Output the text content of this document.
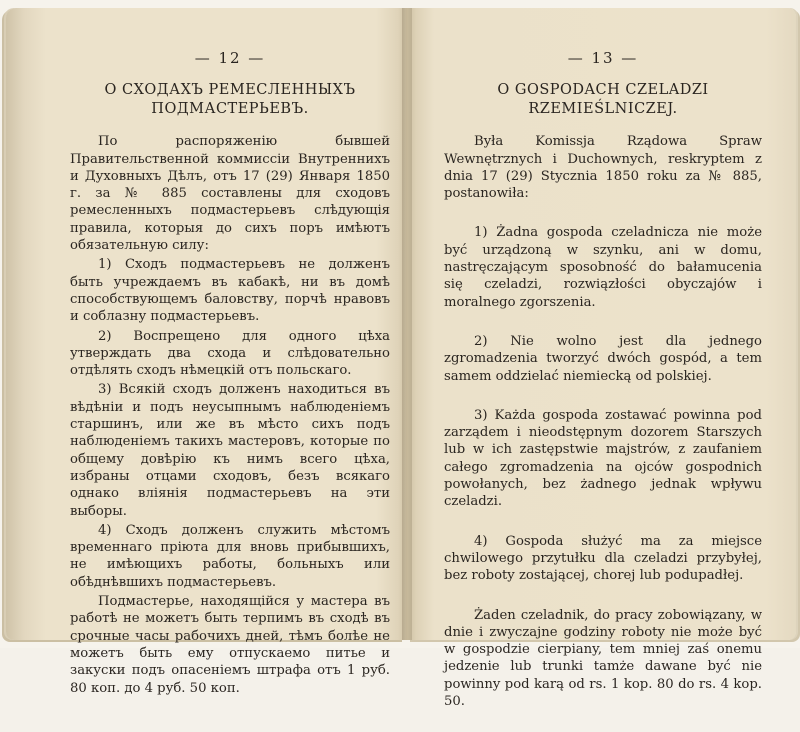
— 12 —
О СХОДАХЪ РЕМЕСЛЕННЫХЪ
ПОДМАСТЕРЬЕВЪ.

По распоряженію бывшей Правительственной коммиссіи Внутреннихъ и Духовныхъ Дѣлъ, отъ 17 (29) Января 1850 г. за № 885 составлены для сходовъ ремесленныхъ подмастерьевъ слѣдующія правила, которыя до сихъ поръ имѣютъ обязательную силу:

1) Сходъ подмастерьевъ не долженъ быть учреждаемъ въ кабакѣ, ни въ домѣ способствующемъ баловству, порчѣ нравовъ и соблазну подмастерьевъ.

2) Воспрещено для одного цѣха утверждать два схода и слѣдовательно отдѣлять сходъ нѣмецкій отъ польскаго.

3) Всякій сходъ долженъ находиться въ вѣдѣніи и подъ неусыпнымъ наблюденіемъ старшинъ, или же въ мѣсто сихъ подъ наблюденіемъ такихъ мастеровъ, которые по общему довѣрію къ нимъ всего цѣха, избраны отцами сходовъ, безъ всякаго однако вліянія подмастерьевъ на эти выборы.

4) Сходъ долженъ служить мѣстомъ временнаго пріюта для вновь прибывшихъ, не имѣющихъ работы, больныхъ или обѣднѣвшихъ подмастерьевъ.

Подмастерье, находящійся у мастера въ работѣ не можетъ быть терпимъ въ сходѣ въ срочные часы рабочихъ дней, тѣмъ болѣе не можетъ быть ему отпускаемо питье и закуски подъ опасеніемъ штрафа отъ 1 руб. 80 коп. до 4 руб. 50 коп.

— 13 —
O GOSPODACH CZELADZI
RZEMIEŚLNICZEJ.

Była Komissja Rządowa Spraw Wewnętrznych i Duchownych, reskryptem z dnia 17 (29) Stycznia 1850 roku za № 885, postanowiła:

1) Żadna gospoda czeladnicza nie może być urządzoną w szynku, ani w domu, nastręczającym sposobność do bałamucenia się czeladzi, rozwiązłości obyczajów i moralnego zgorszenia.

2) Nie wolno jest dla jednego zgromadzenia tworzyć dwóch gospód, a tem samem oddzielać niemiecką od polskiej.

3) Każda gospoda zostawać powinna pod zarządem i nieodstępnym dozorem Starszych lub w ich zastępstwie majstrów, z zaufaniem całego zgromadzenia na ojców gospodnich powołanych, bez żadnego jednak wpływu czeladzi.

4) Gospoda służyć ma za miejsce chwilowego przytułku dla czeladzi przybyłej, bez roboty zostającej, chorej lub podupadłej.

Żaden czeladnik, do pracy zobowiązany, w dnie i zwyczajne godziny roboty nie może być w gospodzie cierpiany, tem mniej zaś onemu jedzenie lub trunki tamże dawane być nie powinny pod karą od rs. 1 kop. 80 do rs. 4 kop. 50.
